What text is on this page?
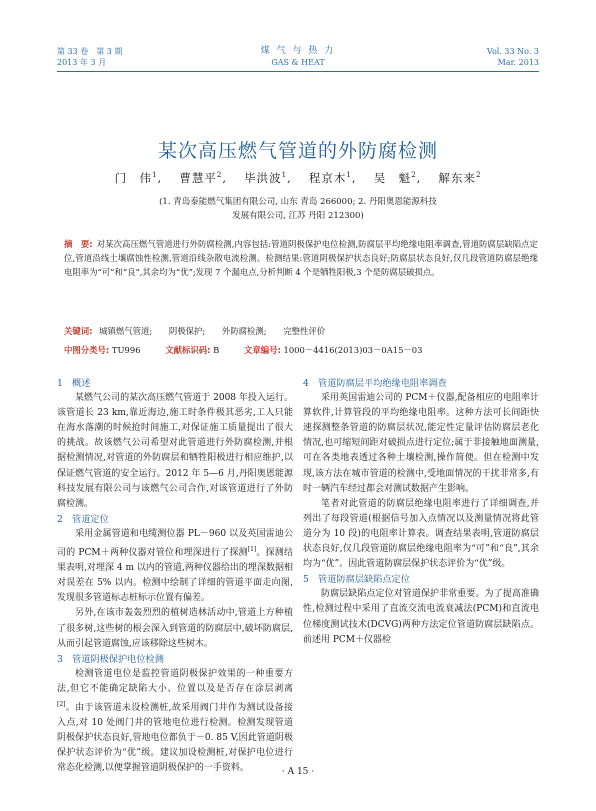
第 33 卷　第 3 期
2013 年 3 月
煤 气 与 热 力
GAS & HEAT
Vol. 33 No. 3
Mar. 2013
某次高压燃气管道的外防腐检测
门　伟$^1$,　 曹慧平$^2$,　 毕洪波$^1$,　 程京木$^1$,　 吴　魁$^2$,　 解东来$^2$
(1. 青岛泰能燃气集团有限公司, 山东 青岛 266000; 2. 丹阳奥恩能源科技
发展有限公司, 江苏 丹阳 212300)
摘　要: 对某次高压燃气管道进行外防腐检测,内容包括:管道阴极保护电位检测,防腐层平均绝缘电阻率调查,管道防腐层缺陷点定位,管道沿线土壤腐蚀性检测,管道沿线杂散电流检测。检测结果:管道阴极保护状态良好;防腐层状态良好,仅几段管道防腐层绝缘电阻率为“可”和“良”,其余均为“优”;发现 7 个漏电点,分析判断 4 个是牺牲阳极,3 个是防腐层破损点。
关键词: 城镇燃气管道; 阴极保护; 外防腐检测; 完整性评价
中图分类号: TU996	文献标识码: B	文章编号: 1000－4416(2013)03－0A15－03
1　概述

某燃气公司的某次高压燃气管道于 2008 年投入运行。该管道长 23 km,靠近海边,施工时条件极其恶劣,工人只能在海水落潮的时候抢时间施工,对保证施工质量提出了很大的挑战。故该燃气公司希望对此管道进行外防腐检测,并根据检测情况,对管道的外防腐层和牺牲阳极进行相应维护,以保证燃气管道的安全运行。2012 年 5—6 月,丹阳奥恩能源科技发展有限公司与该燃气公司合作,对该管道进行了外防腐检测。

2　管道定位

采用金属管道和电缆测位器 PL－960 以及英国雷迪公司的 PCM＋两种仪器对管位和埋深进行了探测[1]。探测结果表明,对埋深 4 m 以内的管道,两种仪器给出的埋深数据相对误差在 5% 以内。检测中绘制了详细的管道平面走向图,发现很多管道标志桩标示位置有偏差。

另外,在该市轰轰烈烈的植树造林活动中,管道上方种植了很多树,这些树的根会深入到管道的防腐层中,破坏防腐层,从而引起管道腐蚀,应该移除这些树木。

3　管道阴极保护电位检测

检测管道电位是监控管道阴极保护效果的一种重要方法,但它不能确定缺陷大小、位置以及是否存在涂层剥离[2]。由于该管道未设检测桩,故采用阀门井作为测试设备接入点,对 10 处阀门井的管地电位进行检测。检测发现管道阴极保护状态良好,管地电位都负于－0. 85 V,因此管道阴极保护状态评价为“优”级。建议加设检测桩,对保护电位进行常态化检测,以便掌握管道阴极保护的一手资料。

4　管道防腐层平均绝缘电阻率调查

采用英国雷迪公司的 PCM＋仪器,配备相应的电阻率计算软件,计算管段的平均绝缘电阻率。这种方法可长间距快速探测整条管道的防腐层状况,能定性定量评估防腐层老化情况,也可缩短间距对破损点进行定位;属于非接触地面测量,可在各类地表透过各种土壤检测,操作简便。但在检测中发现,该方法在城市管道的检测中,受地面情况的干扰非常多,有时一辆汽车经过都会对测试数据产生影响。

笔者对此管道的防腐层绝缘电阻率进行了详细调查,并列出了每段管道(根据信号加入点情况以及测量情况将此管道分为 10 段)的电阻率计算表。调查结果表明,管道防腐层状态良好,仅几段管道防腐层绝缘电阻率为“可”和“良”,其余均为“优”。因此管道防腐层保护状态评价为“优”级。

5　管道防腐层缺陷点定位

防腐层缺陷点定位对管道保护非常重要。为了提高准确性,检测过程中采用了直流交流电流衰减法(PCM)和直流电位梯度测试技术(DCVG)两种方法定位管道防腐层缺陷点。前述用 PCM＋仪器检

· A 15 ·
